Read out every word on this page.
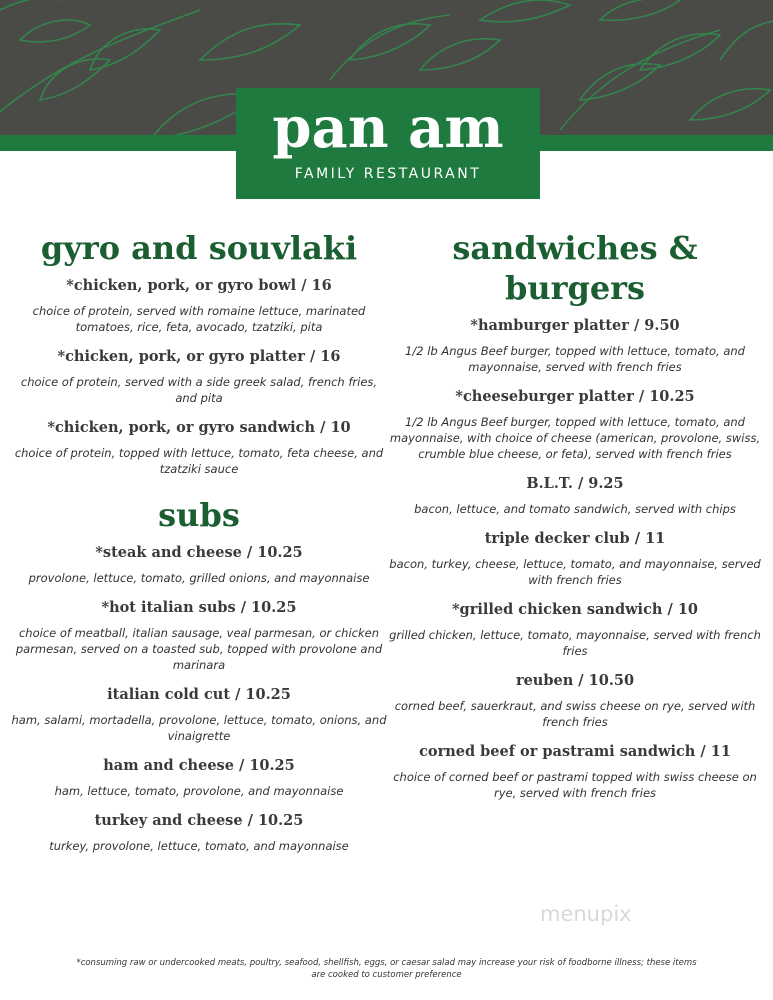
pan am
FAMILY RESTAURANT
gyro and souvlaki
*chicken, pork, or gyro bowl / 16
choice of protein, served with romaine lettuce, marinated tomatoes, rice, feta, avocado, tzatziki, pita
*chicken, pork, or gyro platter / 16
choice of protein, served with a side greek salad, french fries, and pita
*chicken, pork, or gyro sandwich / 10
choice of protein, topped with lettuce, tomato, feta cheese, and tzatziki sauce
subs
*steak and cheese / 10.25
provolone, lettuce, tomato, grilled onions, and mayonnaise
*hot italian subs / 10.25
choice of meatball, italian sausage, veal parmesan, or chicken parmesan, served on a toasted sub, topped with provolone and marinara
italian cold cut / 10.25
ham, salami, mortadella, provolone, lettuce, tomato, onions, and vinaigrette
ham and cheese / 10.25
ham, lettuce, tomato, provolone, and mayonnaise
turkey and cheese / 10.25
turkey, provolone, lettuce, tomato, and mayonnaise
sandwiches & burgers
*hamburger platter / 9.50
1/2 lb Angus Beef burger, topped with lettuce, tomato, and mayonnaise, served with french fries
*cheeseburger platter / 10.25
1/2 lb Angus Beef burger, topped with lettuce, tomato, and mayonnaise, with choice of cheese (american, provolone, swiss, crumble blue cheese, or feta), served with french fries
B.L.T. / 9.25
bacon, lettuce, and tomato sandwich, served with chips
triple decker club / 11
bacon, turkey, cheese, lettuce, tomato, and mayonnaise, served with french fries
*grilled chicken sandwich / 10
grilled chicken, lettuce, tomato, mayonnaise, served with french fries
reuben / 10.50
corned beef, sauerkraut, and swiss cheese on rye, served with french fries
corned beef or pastrami sandwich / 11
choice of corned beef or pastrami topped with swiss cheese on rye, served with french fries
menupix
*consuming raw or undercooked meats, poultry, seafood, shellfish, eggs, or caesar salad may increase your risk of foodborne illness; these items are cooked to customer preference
